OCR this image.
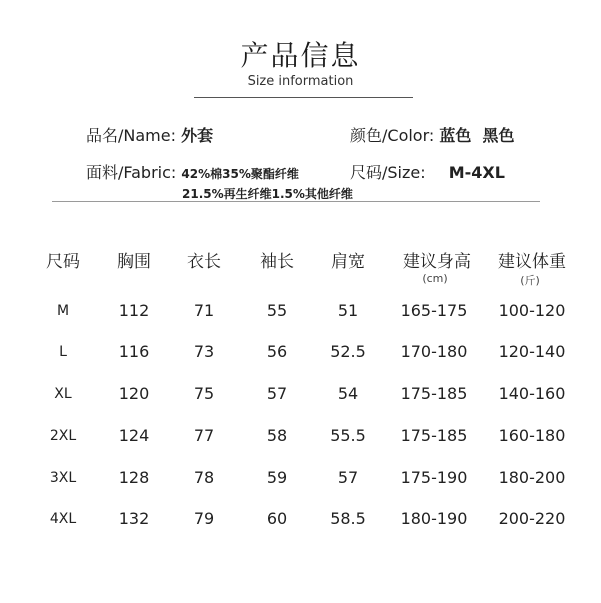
产品信息
Size information
品名/Name: 外套	颜色/Color: 蓝色  黑色
面料/Fabric: 42%棉35%聚酯纤维
21.5%再生纤维1.5%其他纤维
尺码/Size: M-4XL
尺码	胸围	衣长	袖长	肩宽	建议身高	建议体重
(cm)	(斤)
M	112	71	55	51	165-175	100-120
L	116	73	56	52.5	170-180	120-140
XL	120	75	57	54	175-185	140-160
2XL	124	77	58	55.5	175-185	160-180
3XL	128	78	59	57	175-190	180-200
4XL	132	79	60	58.5	180-190	200-220
